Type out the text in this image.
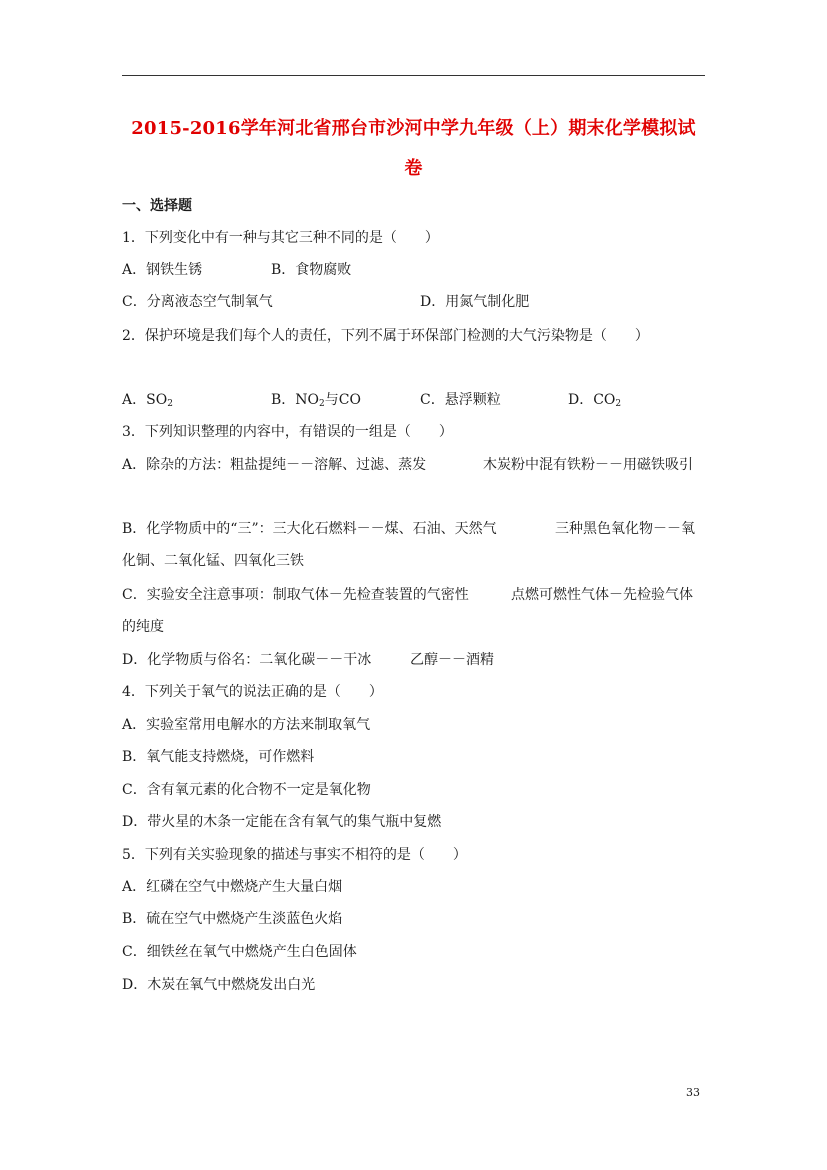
2015-2016学年河北省邢台市沙河中学九年级（上）期末化学模拟试
卷
一、选择题
1．下列变化中有一种与其它三种不同的是（　　）
A．钢铁生锈	B．食物腐败
C．分离液态空气制氧气	D．用氮气制化肥
2．保护环境是我们每个人的责任，下列不属于环保部门检测的大气污染物是（　　）
A．$SO_2$	B．$NO_2$与CO	C．悬浮颗粒	D．$CO_2$
3．下列知识整理的内容中，有错误的一组是（　　）
A．除杂的方法：粗盐提纯－－溶解、过滤、蒸发	木炭粉中混有铁粉－－用磁铁吸引
B．化学物质中的“三”：三大化石燃料－－煤、石油、天然气	三种黑色氧化物－－氧
化铜、二氧化锰、四氧化三铁
C．实验安全注意事项：制取气体－先检查装置的气密性	点燃可燃性气体－先检验气体
的纯度
D．化学物质与俗名：二氧化碳－－干冰	乙醇－－酒精
4．下列关于氧气的说法正确的是（　　）
A．实验室常用电解水的方法来制取氧气
B．氧气能支持燃烧，可作燃料
C．含有氧元素的化合物不一定是氧化物
D．带火星的木条一定能在含有氧气的集气瓶中复燃
5．下列有关实验现象的描述与事实不相符的是（　　）
A．红磷在空气中燃烧产生大量白烟
B．硫在空气中燃烧产生淡蓝色火焰
C．细铁丝在氧气中燃烧产生白色固体
D．木炭在氧气中燃烧发出白光
33
